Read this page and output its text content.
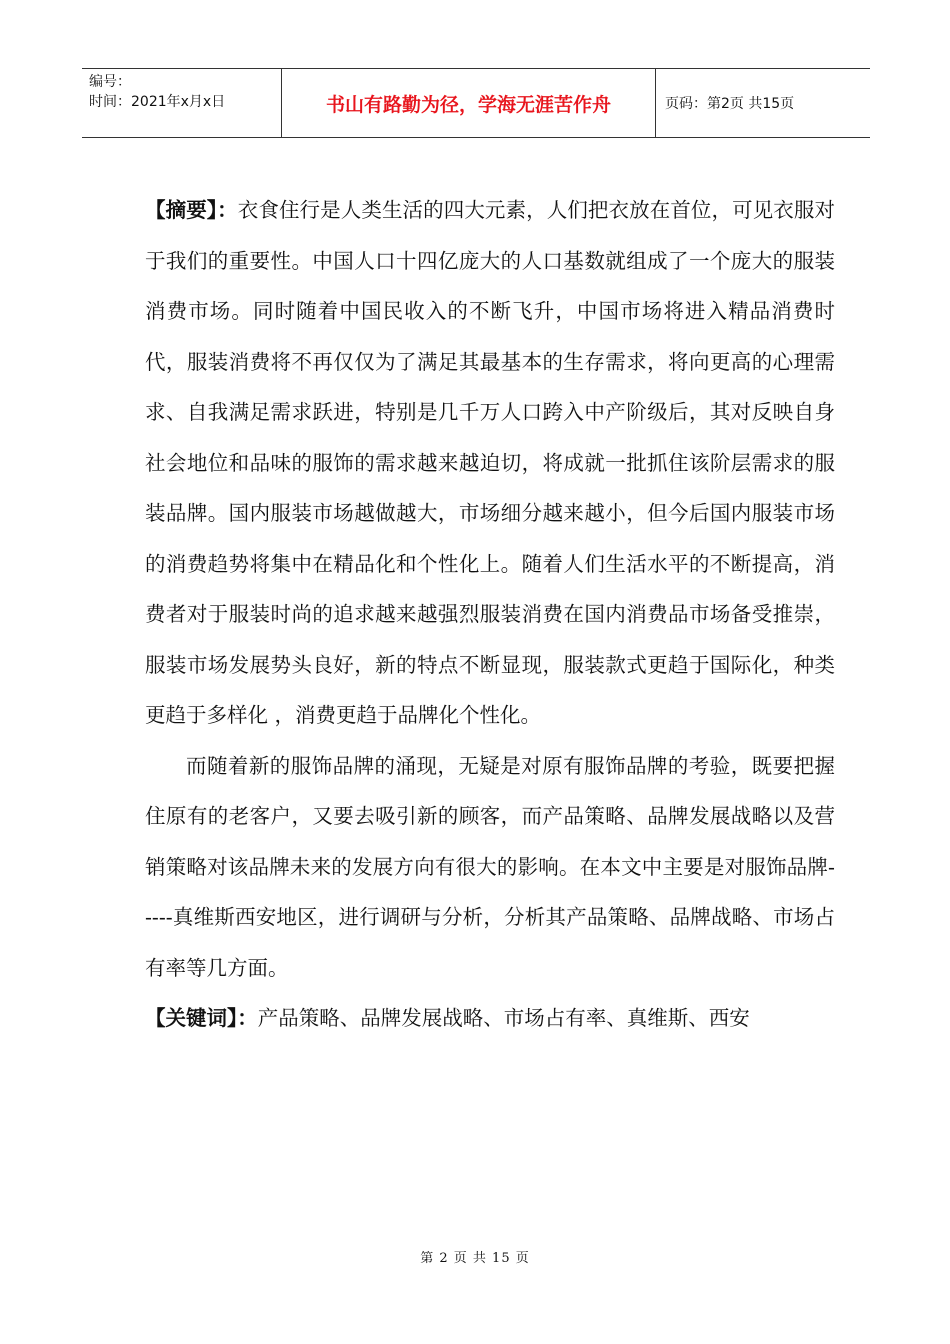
编号：
时间：2021年x月x日	书山有路勤为径，学海无涯苦作舟	页码：第2页 共15页

【摘要】：衣食住行是人类生活的四大元素，人们把衣放在首位，可见衣服对于我们的重要性。中国人口十四亿庞大的人口基数就组成了一个庞大的服装消费市场。同时随着中国民收入的不断飞升，中国市场将进入精品消费时代，服装消费将不再仅仅为了满足其最基本的生存需求，将向更高的心理需求、自我满足需求跃进，特别是几千万人口跨入中产阶级后，其对反映自身社会地位和品味的服饰的需求越来越迫切，将成就一批抓住该阶层需求的服装品牌。国内服装市场越做越大，市场细分越来越小，但今后国内服装市场的消费趋势将集中在精品化和个性化上。随着人们生活水平的不断提高，消费者对于服装时尚的追求越来越强烈服装消费在国内消费品市场备受推崇，服装市场发展势头良好，新的特点不断显现，服装款式更趋于国际化，种类更趋于多样化 ，消费更趋于品牌化个性化。

而随着新的服饰品牌的涌现，无疑是对原有服饰品牌的考验，既要把握住原有的老客户，又要去吸引新的顾客，而产品策略、品牌发展战略以及营销策略对该品牌未来的发展方向有很大的影响。在本文中主要是对服饰品牌-----真维斯西安地区，进行调研与分析，分析其产品策略、品牌战略、市场占有率等几方面。

【关键词】：产品策略、品牌发展战略、市场占有率、真维斯、西安

第 2 页 共 15 页
